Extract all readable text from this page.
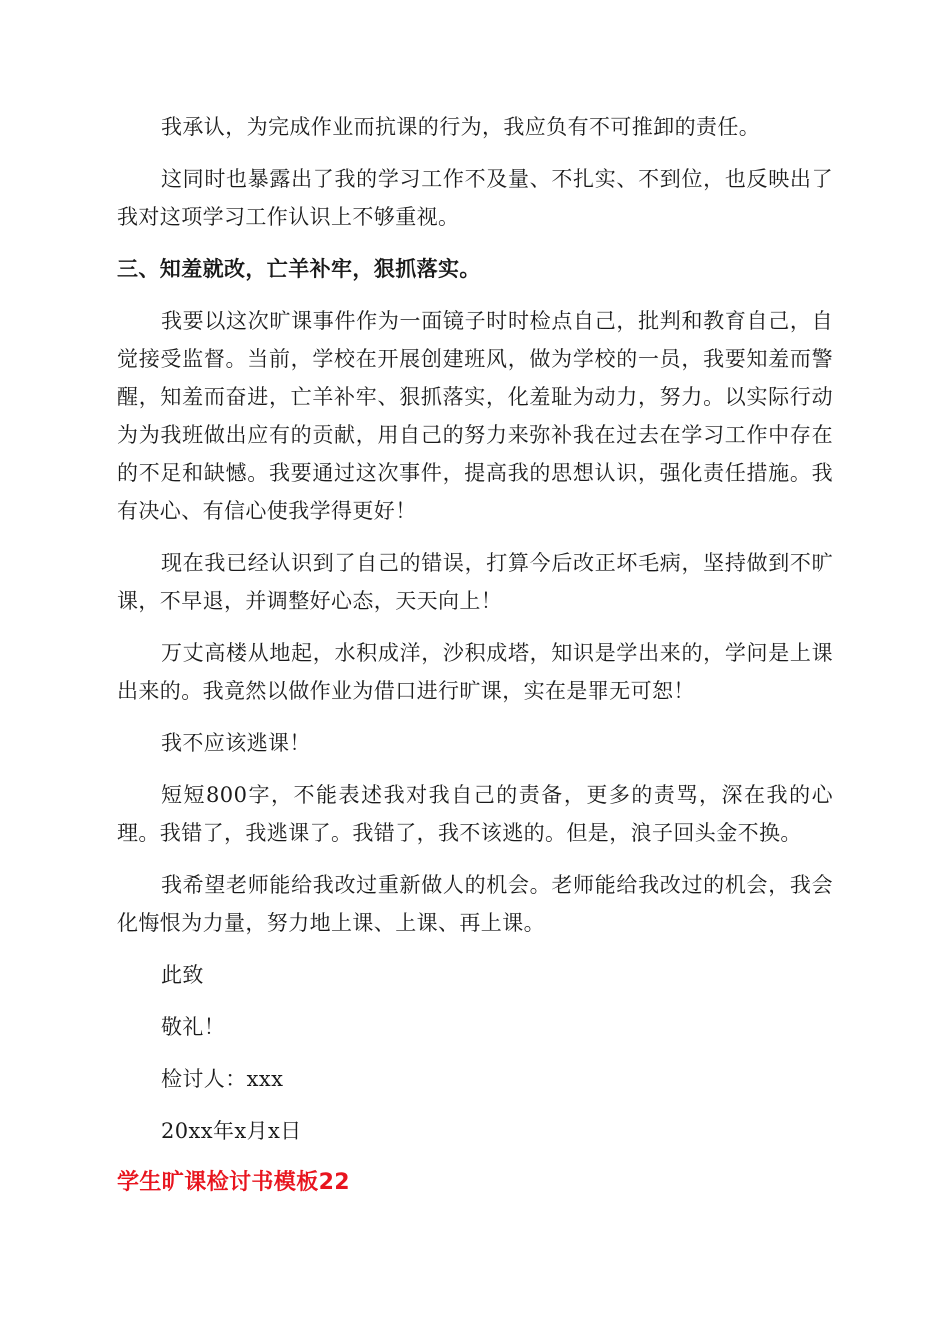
我承认，为完成作业而抗课的行为，我应负有不可推卸的责任。

这同时也暴露出了我的学习工作不及量、不扎实、不到位，也反映出了我对这项学习工作认识上不够重视。

三、知羞就改，亡羊补牢，狠抓落实。

我要以这次旷课事件作为一面镜子时时检点自己，批判和教育自己，自觉接受监督。当前，学校在开展创建班风，做为学校的一员，我要知羞而警醒，知羞而奋进，亡羊补牢、狠抓落实，化羞耻为动力，努力。以实际行动为为我班做出应有的贡献，用自己的努力来弥补我在过去在学习工作中存在的不足和缺憾。我要通过这次事件，提高我的思想认识，强化责任措施。我有决心、有信心使我学得更好！

现在我已经认识到了自己的错误，打算今后改正坏毛病，坚持做到不旷课，不早退，并调整好心态，天天向上！

万丈高楼从地起，水积成洋，沙积成塔，知识是学出来的，学问是上课出来的。我竟然以做作业为借口进行旷课，实在是罪无可恕！

我不应该逃课！

短短800字，不能表述我对我自己的责备，更多的责骂，深在我的心理。我错了，我逃课了。我错了，我不该逃的。但是，浪子回头金不换。

我希望老师能给我改过重新做人的机会。老师能给我改过的机会，我会化悔恨为力量，努力地上课、上课、再上课。

此致

敬礼！

检讨人：xxx

20xx年x月x日

学生旷课检讨书模板22
